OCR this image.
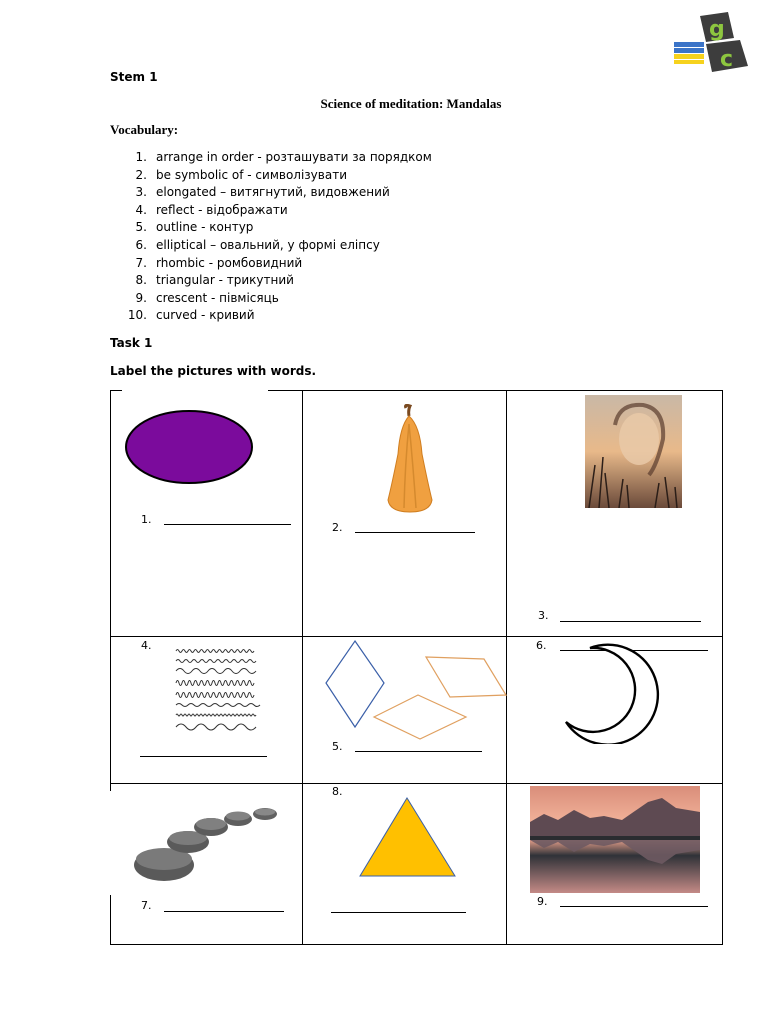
g
c
Stem 1
Science of meditation: Mandalas
Vocabulary:
1. arrange in order - розташувати за порядком
2. be symbolic of - символізувати
3. elongated – витягнутий, видовжений
4. reflect - відображати
5. outline - контур
6. elliptical – овальний, у формі еліпсу
7. rhombic - ромбовидний
8. triangular - трикутний
9. crescent - півмісяць
10. curved - кривий
Task 1
Label the pictures with words.
1.
2.
3.
4.
5.
6.
7.
8.
9.
